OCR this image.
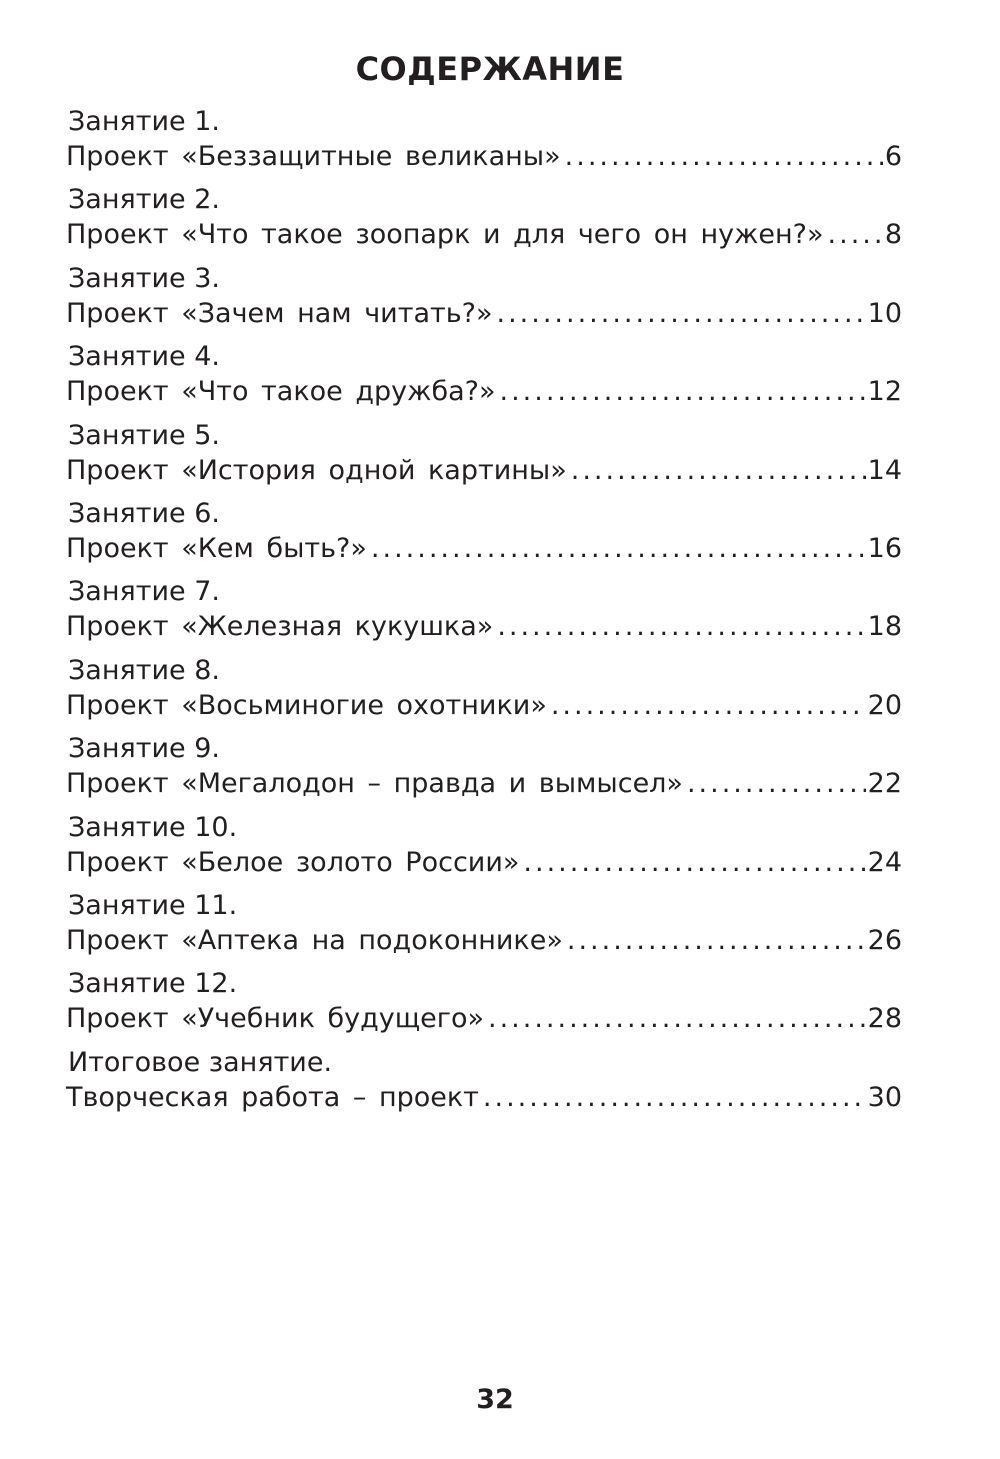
СОДЕРЖАНИЕ
Занятие 1.
Проект «Беззащитные великаны» .....	6
Занятие 2.
Проект «Что такое зоопарк и для чего он нужен?» ..... 8
Занятие 3.
Проект «Зачем нам читать?» .....	10
Занятие 4.
Проект «Что такое дружба?» .....	12
Занятие 5.
Проект «История одной картины» .....	14
Занятие 6.
Проект «Кем быть?» .....	16
Занятие 7.
Проект «Железная кукушка» .....	18
Занятие 8.
Проект «Восьминогие охотники» .....	20
Занятие 9.
Проект «Мегалодон – правда и вымысел» .....	22
Занятие 10.
Проект «Белое золото России» .....	24
Занятие 11.
Проект «Аптека на подоконнике» .....	26
Занятие 12.
Проект «Учебник будущего» .....	28
Итоговое занятие.
Творческая работа – проект .....	30
32
